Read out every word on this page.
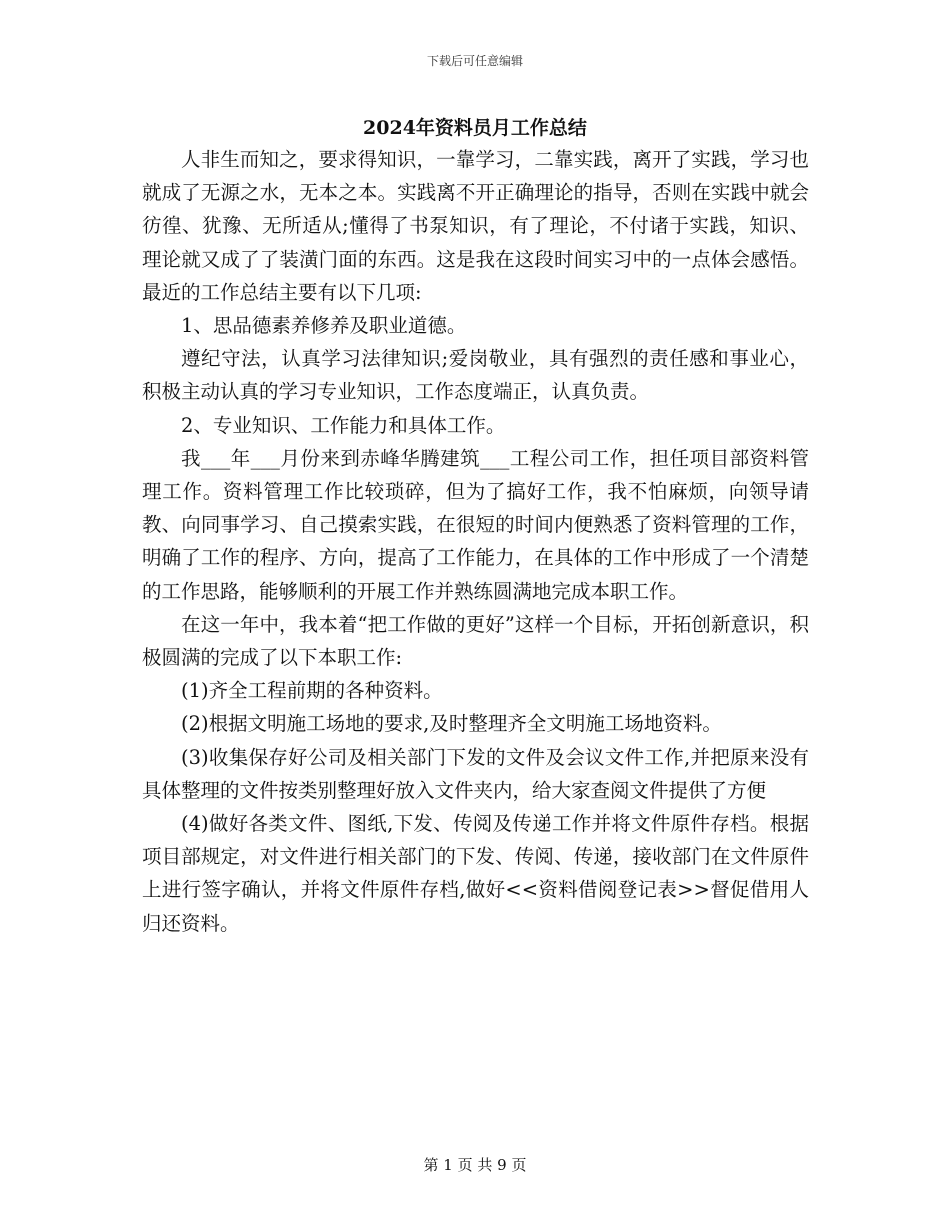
下载后可任意编辑
2024年资料员月工作总结

人非生而知之，要求得知识，一靠学习，二靠实践，离开了实践，学习也就成了无源之水，无本之本。实践离不开正确理论的指导，否则在实践中就会彷徨、犹豫、无所适从;懂得了书泵知识，有了理论，不付诸于实践，知识、理论就又成了了装潢门面的东西。这是我在这段时间实习中的一点体会感悟。最近的工作总结主要有以下几项:

1、思品德素养修养及职业道德。

遵纪守法，认真学习法律知识;爱岗敬业，具有强烈的责任感和事业心，积极主动认真的学习专业知识，工作态度端正，认真负责。

2、专业知识、工作能力和具体工作。

我___年___月份来到赤峰华腾建筑___工程公司工作，担任项目部资料管理工作。资料管理工作比较琐碎，但为了搞好工作，我不怕麻烦，向领导请教、向同事学习、自己摸索实践，在很短的时间内便熟悉了资料管理的工作，明确了工作的程序、方向，提高了工作能力，在具体的工作中形成了一个清楚的工作思路，能够顺利的开展工作并熟练圆满地完成本职工作。

在这一年中，我本着“把工作做的更好”这样一个目标，开拓创新意识，积极圆满的完成了以下本职工作:

(1)齐全工程前期的各种资料。

(2)根据文明施工场地的要求,及时整理齐全文明施工场地资料。

(3)收集保存好公司及相关部门下发的文件及会议文件工作,并把原来没有具体整理的文件按类别整理好放入文件夹内，给大家查阅文件提供了方便

(4)做好各类文件、图纸,下发、传阅及传递工作并将文件原件存档。根据项目部规定，对文件进行相关部门的下发、传阅、传递，接收部门在文件原件上进行签字确认，并将文件原件存档,做好<<资料借阅登记表>>督促借用人归还资料。

第 1 页 共 9 页
